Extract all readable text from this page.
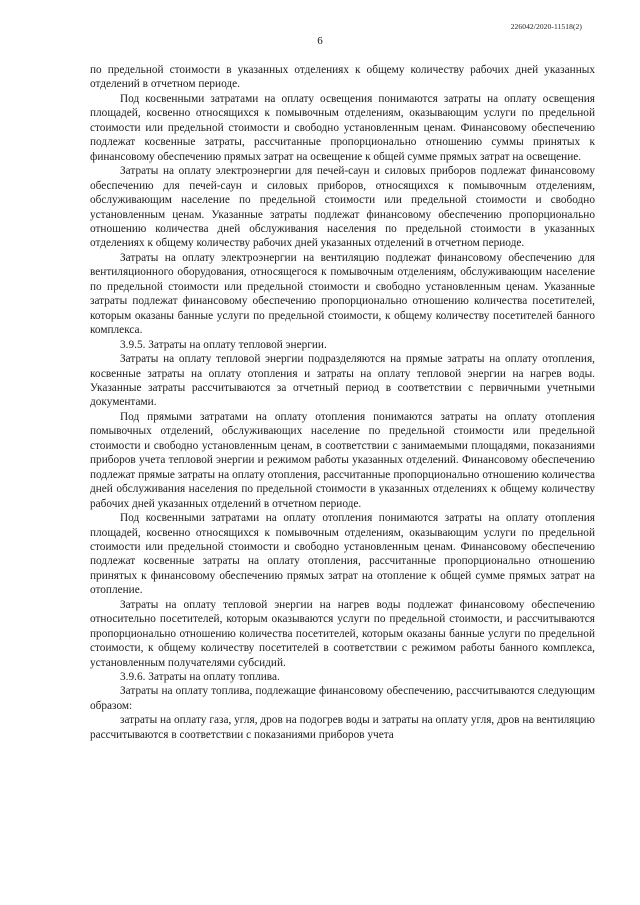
226042/2020-11518(2)
6

по предельной стоимости в указанных отделениях к общему количеству рабочих дней указанных отделений в отчетном периоде.

Под косвенными затратами на оплату освещения понимаются затраты на оплату освещения площадей, косвенно относящихся к помывочным отделениям, оказывающим услуги по предельной стоимости или предельной стоимости и свободно установленным ценам. Финансовому обеспечению подлежат косвенные затраты, рассчитанные пропорционально отношению суммы принятых к финансовому обеспечению прямых затрат на освещение к общей сумме прямых затрат на освещение.

Затраты на оплату электроэнергии для печей-саун и силовых приборов подлежат финансовому обеспечению для печей-саун и силовых приборов, относящихся к помывочным отделениям, обслуживающим население по предельной стоимости или предельной стоимости и свободно установленным ценам. Указанные затраты подлежат финансовому обеспечению пропорционально отношению количества дней обслуживания населения по предельной стоимости в указанных отделениях к общему количеству рабочих дней указанных отделений в отчетном периоде.

Затраты на оплату электроэнергии на вентиляцию подлежат финансовому обеспечению для вентиляционного оборудования, относящегося к помывочным отделениям, обслуживающим население по предельной стоимости или предельной стоимости и свободно установленным ценам. Указанные затраты подлежат финансовому обеспечению пропорционально отношению количества посетителей, которым оказаны банные услуги по предельной стоимости, к общему количеству посетителей банного комплекса.

3.9.5. Затраты на оплату тепловой энергии.

Затраты на оплату тепловой энергии подразделяются на прямые затраты на оплату отопления, косвенные затраты на оплату отопления и затраты на оплату тепловой энергии на нагрев воды. Указанные затраты рассчитываются за отчетный период в соответствии с первичными учетными документами.

Под прямыми затратами на оплату отопления понимаются затраты на оплату отопления помывочных отделений, обслуживающих население по предельной стоимости или предельной стоимости и свободно установленным ценам, в соответствии с занимаемыми площадями, показаниями приборов учета тепловой энергии и режимом работы указанных отделений. Финансовому обеспечению подлежат прямые затраты на оплату отопления, рассчитанные пропорционально отношению количества дней обслуживания населения по предельной стоимости в указанных отделениях к общему количеству рабочих дней указанных отделений в отчетном периоде.

Под косвенными затратами на оплату отопления понимаются затраты на оплату отопления площадей, косвенно относящихся к помывочным отделениям, оказывающим услуги по предельной стоимости или предельной стоимости и свободно установленным ценам. Финансовому обеспечению подлежат косвенные затраты на оплату отопления, рассчитанные пропорционально отношению принятых к финансовому обеспечению прямых затрат на отопление к общей сумме прямых затрат на отопление.

Затраты на оплату тепловой энергии на нагрев воды подлежат финансовому обеспечению относительно посетителей, которым оказываются услуги по предельной стоимости, и рассчитываются пропорционально отношению количества посетителей, которым оказаны банные услуги по предельной стоимости, к общему количеству посетителей в соответствии с режимом работы банного комплекса, установленным получателями субсидий.

3.9.6. Затраты на оплату топлива.

Затраты на оплату топлива, подлежащие финансовому обеспечению, рассчитываются следующим образом:

затраты на оплату газа, угля, дров на подогрев воды и затраты на оплату угля, дров на вентиляцию рассчитываются в соответствии с показаниями приборов учета
